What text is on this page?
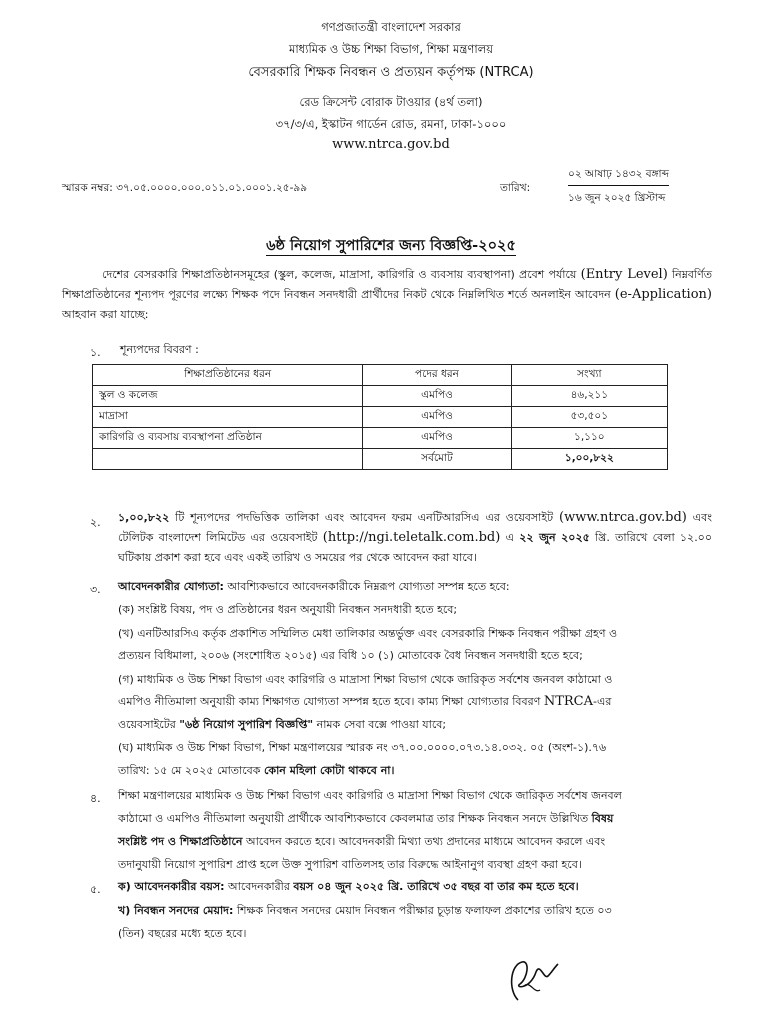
গণপ্রজাতন্ত্রী বাংলাদেশ সরকার
মাধ্যমিক ও উচ্চ শিক্ষা বিভাগ, শিক্ষা মন্ত্রণালয়
বেসরকারি শিক্ষক নিবন্ধন ও প্রত্যয়ন কর্তৃপক্ষ (NTRCA)
রেড ক্রিসেন্ট বোরাক টাওয়ার (৪র্থ তলা)
৩৭/৩/এ, ইস্কাটন গার্ডেন রোড, রমনা, ঢাকা-১০০০
www.ntrca.gov.bd
স্মারক নম্বর: ৩৭.০৫.০০০০.০০০.০১১.০১.০০০১.২৫-৯৯	তারিখ:
০২ আষাঢ় ১৪৩২ বঙ্গাব্দ
১৬ জুন ২০২৫ খ্রিস্টাব্দ
৬ষ্ঠ নিয়োগ সুপারিশের জন্য বিজ্ঞপ্তি-২০২৫
দেশের বেসরকারি শিক্ষাপ্রতিষ্ঠানসমূহের (স্কুল, কলেজ, মাদ্রাসা, কারিগরি ও ব্যবসায় ব্যবস্থাপনা) প্রবেশ পর্যায়ে (Entry Level) নিম্নবর্ণিত শিক্ষাপ্রতিষ্ঠানের শূন্যপদ পূরণের লক্ষ্যে শিক্ষক পদে নিবন্ধন সনদধারী প্রার্থীদের নিকট থেকে নিম্নলিখিত শর্তে অনলাইন আবেদন (e-Application) আহবান করা যাচ্ছে:
১. শূন্যপদের বিবরণ :
শিক্ষাপ্রতিষ্ঠানের ধরন	পদের ধরন	সংখ্যা
স্কুল ও কলেজ	এমপিও	৪৬,২১১
মাদ্রাসা	এমপিও	৫৩,৫০১
কারিগরি ও ব্যবসায় ব্যবস্থাপনা প্রতিষ্ঠান	এমপিও	১,১১০
	সর্বমোট	১,০০,৮২২
২. ১,০০,৮২২ টি শূন্যপদের পদভিত্তিক তালিকা এবং আবেদন ফরম এনটিআরসিএ এর ওয়েবসাইট (www.ntrca.gov.bd) এবং টেলিটক বাংলাদেশ লিমিটেড এর ওয়েবসাইট (http://ngi.teletalk.com.bd) এ ২২ জুন ২০২৫ খ্রি. তারিখে বেলা ১২.০০ ঘটিকায় প্রকাশ করা হবে এবং একই তারিখ ও সময়ের পর থেকে আবেদন করা যাবে।
৩. আবেদনকারীর যোগ্যতা: আবশ্যিকভাবে আবেদনকারীকে নিম্নরূপ যোগ্যতা সম্পন্ন হতে হবে:
(ক) সংশ্লিষ্ট বিষয়, পদ ও প্রতিষ্ঠানের ধরন অনুযায়ী নিবন্ধন সনদধারী হতে হবে;
(খ) এনটিআরসিএ কর্তৃক প্রকাশিত সম্মিলিত মেধা তালিকার অন্তর্ভুক্ত এবং বেসরকারি শিক্ষক নিবন্ধন পরীক্ষা গ্রহণ ও
প্রত্যয়ন বিধিমালা, ২০০৬ (সংশোধিত ২০১৫) এর বিধি ১০ (১) মোতাবেক বৈধ নিবন্ধন সনদধারী হতে হবে;
(গ) মাধ্যমিক ও উচ্চ শিক্ষা বিভাগ এবং কারিগরি ও মাদ্রাসা শিক্ষা বিভাগ থেকে জারিকৃত সর্বশেষ জনবল কাঠামো ও
এমপিও নীতিমালা অনুযায়ী কাম্য শিক্ষাগত যোগ্যতা সম্পন্ন হতে হবে। কাম্য শিক্ষা যোগ্যতার বিবরণ NTRCA-এর
ওয়েবসাইটের "৬ষ্ঠ নিয়োগ সুপারিশ বিজ্ঞপ্তি" নামক সেবা বক্সে পাওয়া যাবে;
(ঘ) মাধ্যমিক ও উচ্চ শিক্ষা বিভাগ, শিক্ষা মন্ত্রণালয়ের স্মারক নং ৩৭.০০.০০০০.০৭৩.১৪.০৩২. ০৫ (অংশ-১).৭৬
তারিখ: ১৫ মে ২০২৫ মোতাবেক কোন মহিলা কোটা থাকবে না।
৪. শিক্ষা মন্ত্রণালয়ের মাধ্যমিক ও উচ্চ শিক্ষা বিভাগ এবং কারিগরি ও মাদ্রাসা শিক্ষা বিভাগ থেকে জারিকৃত সর্বশেষ জনবল
কাঠামো ও এমপিও নীতিমালা অনুযায়ী প্রার্থীকে আবশ্যিকভাবে কেবলমাত্র তার শিক্ষক নিবন্ধন সনদে উল্লিখিত বিষয়
সংশ্লিষ্ট পদ ও শিক্ষাপ্রতিষ্ঠানে আবেদন করতে হবে। আবেদনকারী মিথ্যা তথ্য প্রদানের মাধ্যমে আবেদন করলে এবং
তদানুযায়ী নিয়োগ সুপারিশ প্রাপ্ত হলে উক্ত সুপারিশ বাতিলসহ তার বিরুদ্ধে আইনানুগ ব্যবস্থা গ্রহণ করা হবে।
৫. ক) আবেদনকারীর বয়স: আবেদনকারীর বয়স ০৪ জুন ২০২৫ খ্রি. তারিখে ৩৫ বছর বা তার কম হতে হবে।
খ) নিবন্ধন সনদের মেয়াদ: শিক্ষক নিবন্ধন সনদের মেয়াদ নিবন্ধন পরীক্ষার চূড়ান্ত ফলাফল প্রকাশের তারিখ হতে ০৩
(তিন) বছরের মধ্যে হতে হবে।
